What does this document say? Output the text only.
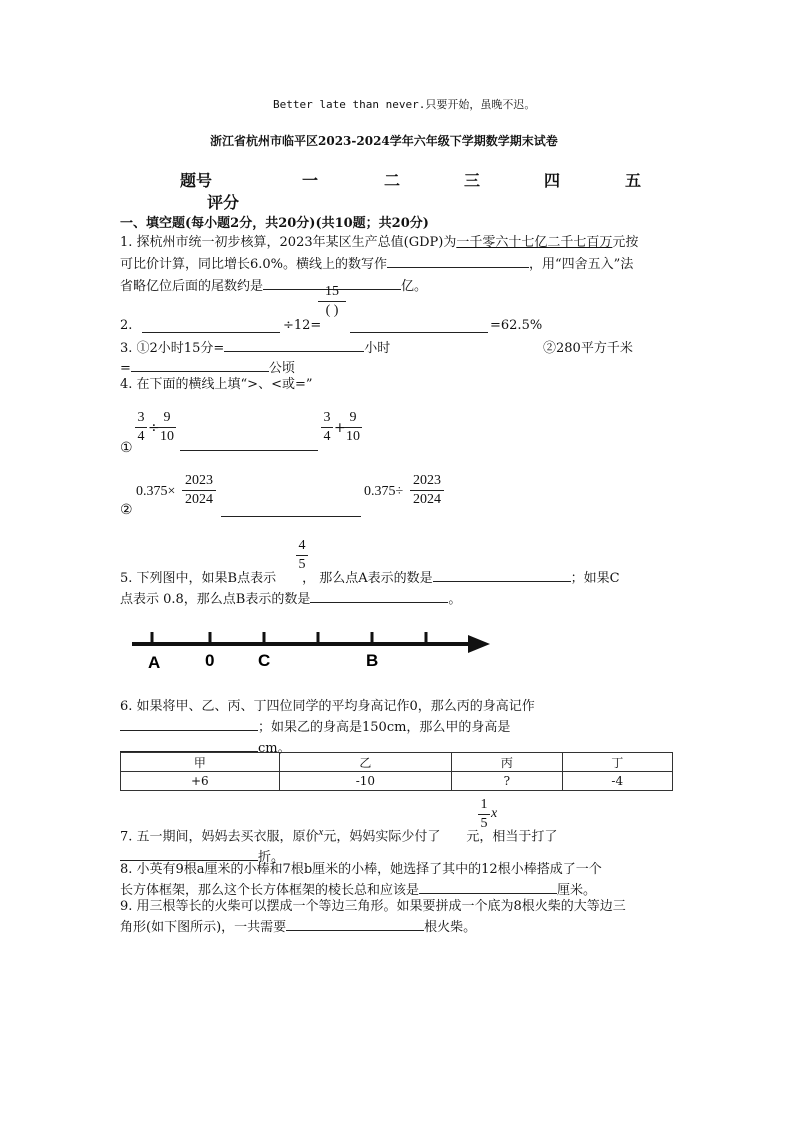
Better late than never.只要开始，虽晚不迟。
浙江省杭州市临平区2023-2024学年六年级下学期数学期末试卷
题号	一	二	三	四	五
评分
一、填空题(每小题2分，共20分)(共10题；共20分)
1. 探杭州市统一初步核算，2023年某区生产总值(GDP)为一千零六十七亿二千七百万元按
可比价计算，同比增长6.0%。横线上的数写作	，用“四舍五入”法
省略亿位后面的尾数约是	亿。
2.	÷12=
15
( )
=62.5%
3. ①2小时15分=	小时
=	公顷
②280平方千米
4. 在下面的横线上填“>、<或=”
3
4
÷
9
10
①
3
4
+
9
10
0.375×
2023
2024
②
0.375÷
2023
2024
4
5
5. 下列图中，如果B点表示 ， 那么点A表示的数是	；如果C
点表示 0.8，那么点B表示的数是	。
A	0	C	B
6. 如果将甲、乙、丙、丁四位同学的平均身高记作0，那么丙的身高记作
；如果乙的身高是150cm，那么甲的身高是
cm。
甲	乙	丙	丁
+6	-10	?	-4
1
5
x
7. 五一期间，妈妈去买衣服，原价$^x$元，妈妈实际少付了 元，相当于打了
折。
8. 小英有9根a厘米的小棒和7根b厘米的小棒，她选择了其中的12根小棒搭成了一个
长方体框架，那么这个长方体框架的棱长总和应该是	厘米。
9. 用三根等长的火柴可以摆成一个等边三角形。如果要拼成一个底为8根火柴的大等边三
角形(如下图所示)，一共需要	根火柴。
